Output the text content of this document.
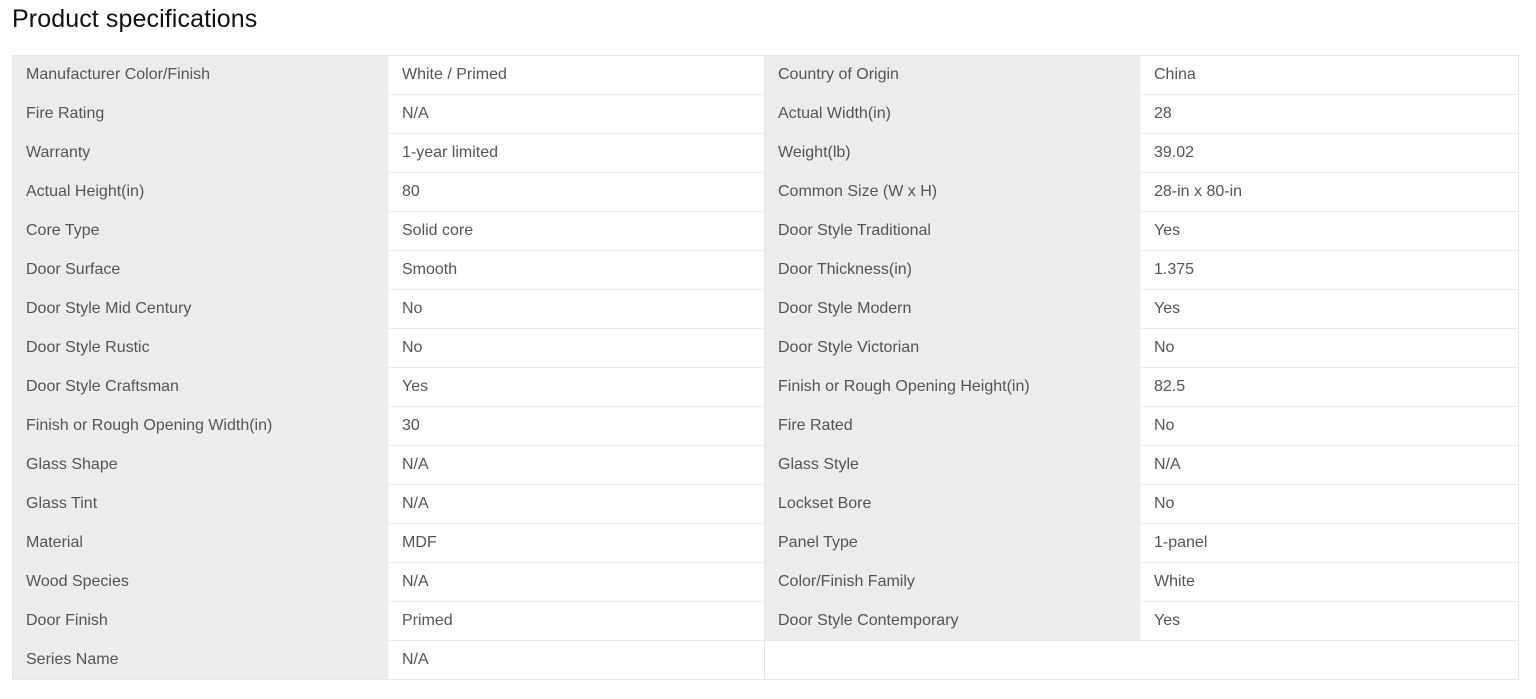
Product specifications
Manufacturer Color/Finish	White / Primed	Country of Origin	China
Fire Rating	N/A	Actual Width(in)	28
Warranty	1-year limited	Weight(lb)	39.02
Actual Height(in)	80	Common Size (W x H)	28-in x 80-in
Core Type	Solid core	Door Style Traditional	Yes
Door Surface	Smooth	Door Thickness(in)	1.375
Door Style Mid Century	No	Door Style Modern	Yes
Door Style Rustic	No	Door Style Victorian	No
Door Style Craftsman	Yes	Finish or Rough Opening Height(in)	82.5
Finish or Rough Opening Width(in)	30	Fire Rated	No
Glass Shape	N/A	Glass Style	N/A
Glass Tint	N/A	Lockset Bore	No
Material	MDF	Panel Type	1-panel
Wood Species	N/A	Color/Finish Family	White
Door Finish	Primed	Door Style Contemporary	Yes
Series Name	N/A		
